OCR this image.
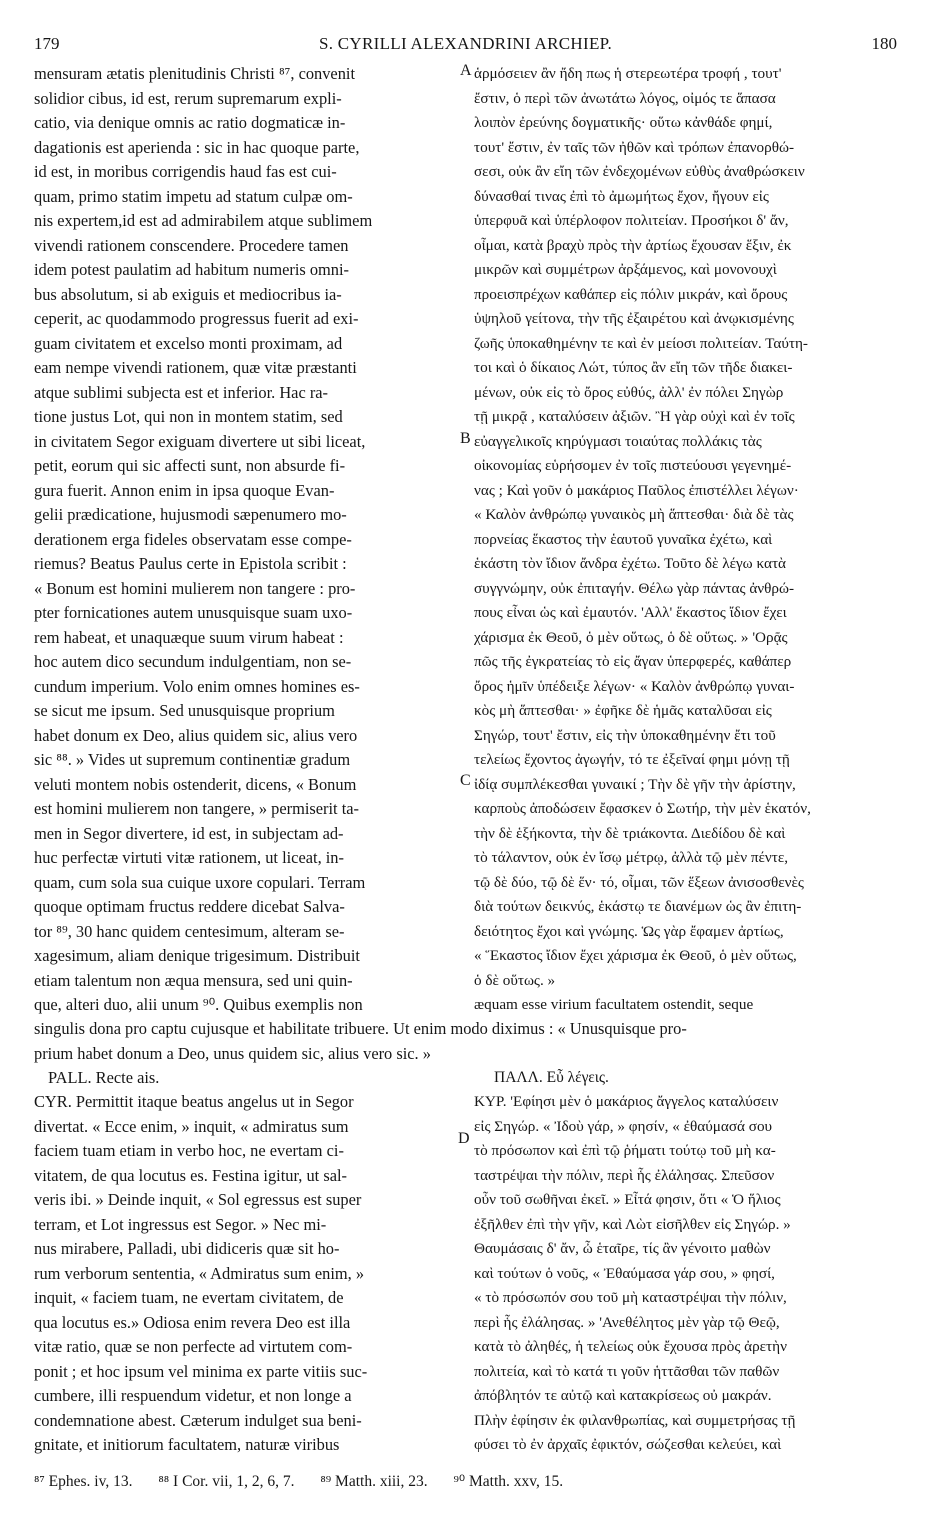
179	S. CYRILLI ALEXANDRINI ARCHIEP.	180
A
B
C
D
mensuram ætatis plenitudinis Christi ⁸⁷, convenit
solidior cibus, id est, rerum supremarum expli-
catio, via denique omnis ac ratio dogmaticæ in-
dagationis est aperienda : sic in hac quoque parte,
id est, in moribus corrigendis haud fas est cui-
quam, primo statim impetu ad statum culpæ om-
nis expertem,id est ad admirabilem atque sublimem
vivendi rationem conscendere. Procedere tamen
idem potest paulatim ad habitum numeris omni-
bus absolutum, si ab exiguis et mediocribus ia-
ceperit, ac quodammodo progressus fuerit ad exi-
guam civitatem et excelso monti proximam, ad
eam nempe vivendi rationem, quæ vitæ præstanti
atque sublimi subjecta est et inferior. Hac ra-
tione justus Lot, qui non in montem statim, sed
in civitatem Segor exiguam divertere ut sibi liceat,
petit, eorum qui sic affecti sunt, non absurde fi-
gura fuerit. Annon enim in ipsa quoque Evan-
gelii prædicatione, hujusmodi sæpenumero mo-
derationem erga fideles observatam esse compe-
riemus? Beatus Paulus certe in Epistola scribit :
« Bonum est homini mulierem non tangere : pro-
pter fornicationes autem unusquisque suam uxo-
rem habeat, et unaquæque suum virum habeat :
hoc autem dico secundum indulgentiam, non se-
cundum imperium. Volo enim omnes homines es-
se sicut me ipsum. Sed unusquisque proprium
habet donum ex Deo, alius quidem sic, alius vero
sic ⁸⁸. » Vides ut supremum continentiæ gradum
veluti montem nobis ostenderit, dicens, « Bonum
est homini mulierem non tangere, » permiserit ta-
men in Segor divertere, id est, in subjectam ad-
huc perfectæ virtuti vitæ rationem, ut liceat, in-
quam, cum sola sua cuique uxore copulari. Terram
quoque optimam fructus reddere dicebat Salva-
tor ⁸⁹, 30 hanc quidem centesimum, alteram se-
xagesimum, aliam denique trigesimum. Distribuit
etiam talentum non æqua mensura, sed uni quin-
que, alteri duo, alii unum ⁹⁰. Quibus exemplis non
ἁρμόσειεν ἂν ἤδη πως ἡ στερεωτέρα τροφή , τουτ'
ἔστιν, ὁ περὶ τῶν ἀνωτάτω λόγος, οἰμός τε ἅπασα
λοιπὸν ἐρεύνης δογματικῆς· οὕτω κἀνθάδε φημί,
τουτ' ἔστιν, ἐν ταῖς τῶν ἠθῶν καὶ τρόπων ἐπανορθώ-
σεσι, οὐκ ἂν εἴη τῶν ἐνδεχομένων εὐθὺς ἀναθρώσκειν
δύνασθαί τινας ἐπὶ τὸ ἀμωμήτως ἔχον, ἤγουν εἰς
ὑπερφυᾶ καὶ ὑπέρλοφον πολιτείαν. Προσήκοι δ' ἄν,
οἶμαι, κατὰ βραχὺ πρὸς τὴν ἀρτίως ἔχουσαν ἕξιν, ἐκ
μικρῶν καὶ συμμέτρων ἀρξάμενος, καὶ μονονουχὶ
προεισπρέχων καθάπερ εἰς πόλιν μικράν, καὶ ὄρους
ὑψηλοῦ γείτονα, τὴν τῆς ἐξαιρέτου καὶ ἀνῳκισμένης
ζωῆς ὑποκαθημένην τε καὶ ἐν μείοσι πολιτείαν. Ταύτη-
τοι καὶ ὁ δίκαιος Λώτ, τύπος ἂν εἴη τῶν τῆδε διακει-
μένων, οὐκ εἰς τὸ ὄρος εὐθύς, ἀλλ' ἐν πόλει Σηγὼρ
τῇ μικρᾷ , καταλύσειν ἀξιῶν. Ἢ γὰρ οὐχὶ καὶ ἐν τοῖς
εὐαγγελικοῖς κηρύγμασι τοιαύτας πολλάκις τὰς
οἰκονομίας εὑρήσομεν ἐν τοῖς πιστεύουσι γεγενημέ-
νας ; Καὶ γοῦν ὁ μακάριος Παῦλος ἐπιστέλλει λέγων·
« Καλὸν ἀνθρώπῳ γυναικὸς μὴ ἅπτεσθαι· διὰ δὲ τὰς
πορνείας ἕκαστος τὴν ἑαυτοῦ γυναῖκα ἐχέτω, καὶ
ἑκάστη τὸν ἴδιον ἄνδρα ἐχέτω. Τοῦτο δὲ λέγω κατὰ
συγγνώμην, οὐκ ἐπιταγήν. Θέλω γὰρ πάντας ἀνθρώ-
πους εἶναι ὡς καὶ ἐμαυτόν. 'Αλλ' ἕκαστος ἴδιον ἔχει
χάρισμα ἐκ Θεοῦ, ὁ μὲν οὕτως, ὁ δὲ οὕτως. » 'Ορᾷς
πῶς τῆς ἐγκρατείας τὸ εἰς ἄγαν ὑπερφερές, καθάπερ
ὄρος ἡμῖν ὑπέδειξε λέγων· « Καλὸν ἀνθρώπῳ γυναι-
κὸς μὴ ἅπτεσθαι· » ἐφῆκε δὲ ἡμᾶς καταλῦσαι εἰς
Σηγώρ, τουτ' ἔστιν, εἰς τὴν ὑποκαθημένην ἔτι τοῦ
τελείως ἔχοντος ἀγωγήν, τό τε ἐξεῖναί φημι μόνῃ τῇ
ἰδίᾳ συμπλέκεσθαι γυναικί ; Τὴν δὲ γῆν τὴν ἀρίστην,
καρποὺς ἀποδώσειν ἔφασκεν ὁ Σωτήρ, τὴν μὲν ἑκατόν,
τὴν δὲ ἑξήκοντα, τὴν δὲ τριάκοντα. Διεδίδου δὲ καὶ
τὸ τάλαντον, οὐκ ἐν ἴσῳ μέτρῳ, ἀλλὰ τῷ μὲν πέντε,
τῷ δὲ δύο, τῷ δὲ ἕν· τό, οἶμαι, τῶν ἕξεων ἀνισοσθενὲς
διὰ τούτων δεικνύς, ἑκάστῳ τε διανέμων ὡς ἂν ἐπιτη-
δειότητος ἔχοι καὶ γνώμης. Ὡς γὰρ ἔφαμεν ἀρτίως,
« Ἕκαστος ἴδιον ἔχει χάρισμα ἐκ Θεοῦ, ὁ μὲν οὕτως,
ὁ δὲ οὕτως. »
æquam esse virium facultatem ostendit, seque
singulis dona pro captu cujusque et habilitate tribuere. Ut enim modo diximus : « Unusquisque pro-
prium habet donum a Deo, unus quidem sic, alius vero sic. »
PALL. Recte ais.	ΠΑΛΛ. Εὖ λέγεις.
CYR. Permittit itaque beatus angelus ut in Segor
divertat. « Ecce enim, » inquit, « admiratus sum
faciem tuam etiam in verbo hoc, ne evertam ci-
vitatem, de qua locutus es. Festina igitur, ut sal-
veris ibi. » Deinde inquit, « Sol egressus est super
terram, et Lot ingressus est Segor. » Nec mi-
nus mirabere, Palladi, ubi didiceris quæ sit ho-
rum verborum sententia, « Admiratus sum enim, »
inquit, « faciem tuam, ne evertam civitatem, de
qua locutus es.» Odiosa enim revera Deo est illa
vitæ ratio, quæ se non perfecte ad virtutem com-
ponit ; et hoc ipsum vel minima ex parte vitiis suc-
cumbere, illi respuendum videtur, et non longe a
condemnatione abest. Cæterum indulget sua beni-
gnitate, et initiorum facultatem, naturæ viribus
ΚΥΡ. 'Εφίησι μὲν ὁ μακάριος ἄγγελος καταλύσειν
εἰς Σηγώρ. « Ἰδοὺ γάρ, » φησίν, « ἐθαύμασά σου
τὸ πρόσωπον καὶ ἐπὶ τῷ ῥήματι τούτῳ τοῦ μὴ κα-
ταστρέψαι τὴν πόλιν, περὶ ἧς ἐλάλησας. Σπεῦσον
οὖν τοῦ σωθῆναι ἐκεῖ. » Εἶτά φησιν, ὅτι « Ὁ ἥλιος
ἐξῆλθεν ἐπὶ τὴν γῆν, καὶ Λὼτ εἰσῆλθεν εἰς Σηγώρ. »
Θαυμάσαις δ' ἄν, ὦ ἑταῖρε, τίς ἂν γένοιτο μαθὼν
καὶ τούτων ὁ νοῦς, « Ἐθαύμασα γάρ σου, » φησί,
« τὸ πρόσωπόν σου τοῦ μὴ καταστρέψαι τὴν πόλιν,
περὶ ἧς ἐλάλησας. » 'Ανεθέλητος μὲν γὰρ τῷ Θεῷ,
κατὰ τὸ ἀληθές, ἡ τελείως οὐκ ἔχουσα πρὸς ἀρετὴν
πολιτεία, καὶ τὸ κατά τι γοῦν ἡττᾶσθαι τῶν παθῶν
ἀπόβλητόν τε αὐτῷ καὶ κατακρίσεως οὐ μακράν.
Πλὴν ἐφίησιν ἐκ φιλανθρωπίας, καὶ συμμετρήσας τῇ
φύσει τὸ ἐν ἀρχαῖς ἐφικτόν, σώζεσθαι κελεύει, καὶ
⁸⁷ Ephes. iv, 13. ⁸⁸ I Cor. vii, 1, 2, 6, 7. ⁸⁹ Matth. xiii, 23. ⁹⁰ Matth. xxv, 15.
